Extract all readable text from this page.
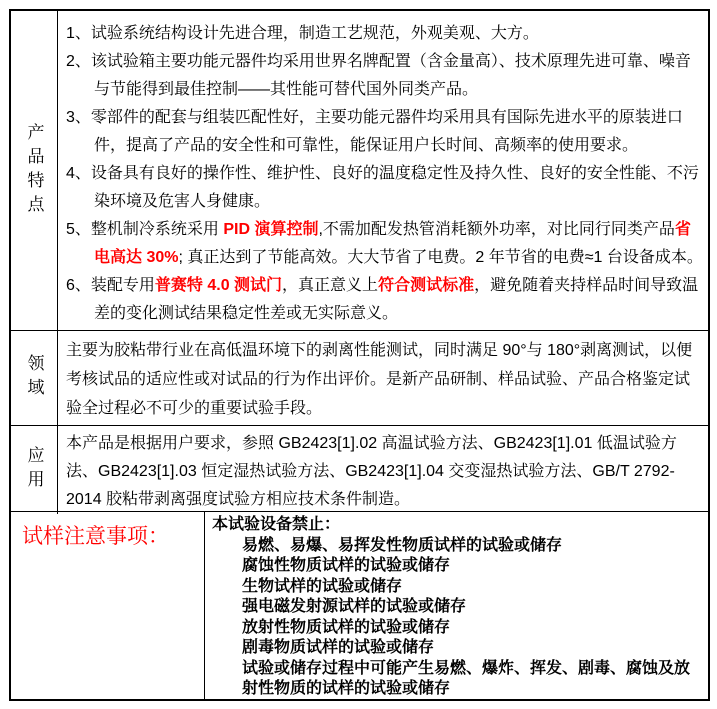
产品特点

1、试验系统结构设计先进合理，制造工艺规范，外观美观、大方。

2、该试验箱主要功能元器件均采用世界名牌配置（含金量高）、技术原理先进可靠、噪音与节能得到最佳控制——其性能可替代国外同类产品。

3、零部件的配套与组装匹配性好，主要功能元器件均采用具有国际先进水平的原装进口件，提高了产品的安全性和可靠性，能保证用户长时间、高频率的使用要求。

4、设备具有良好的操作性、维护性、良好的温度稳定性及持久性、良好的安全性能、不污染环境及危害人身健康。

5、整机制冷系统采用 PID 演算控制,不需加配发热管消耗额外功率，对比同行同类产品省电高达 30%; 真正达到了节能高效。大大节省了电费。2 年节省的电费≈1 台设备成本。

6、装配专用普赛特 4.0 测试门，真正意义上符合测试标准，避免随着夹持样品时间导致温差的变化测试结果稳定性差或无实际意义。

领域
主要为胶粘带行业在高低温环境下的剥离性能测试，同时满足 90°与 180°剥离测试，以便考核试品的适应性或对试品的行为作出评价。是新产品研制、样品试验、产品合格鉴定试验全过程必不可少的重要试验手段。
应用
本产品是根据用户要求，参照 GB2423[1].02 高温试验方法、GB2423[1].01 低温试验方法、GB2423[1].03 恒定湿热试验方法、GB2423[1].04 交变湿热试验方法、GB/T 2792-2014 胶粘带剥离强度试验方相应技术条件制造。
试样注意事项：

本试验设备禁止：

易燃、易爆、易挥发性物质试样的试验或储存

腐蚀性物质试样的试验或储存

生物试样的试验或储存

强电磁发射源试样的试验或储存

放射性物质试样的试验或储存

剧毒物质试样的试验或储存

试验或储存过程中可能产生易燃、爆炸、挥发、剧毒、腐蚀及放射性物质的试样的试验或储存
